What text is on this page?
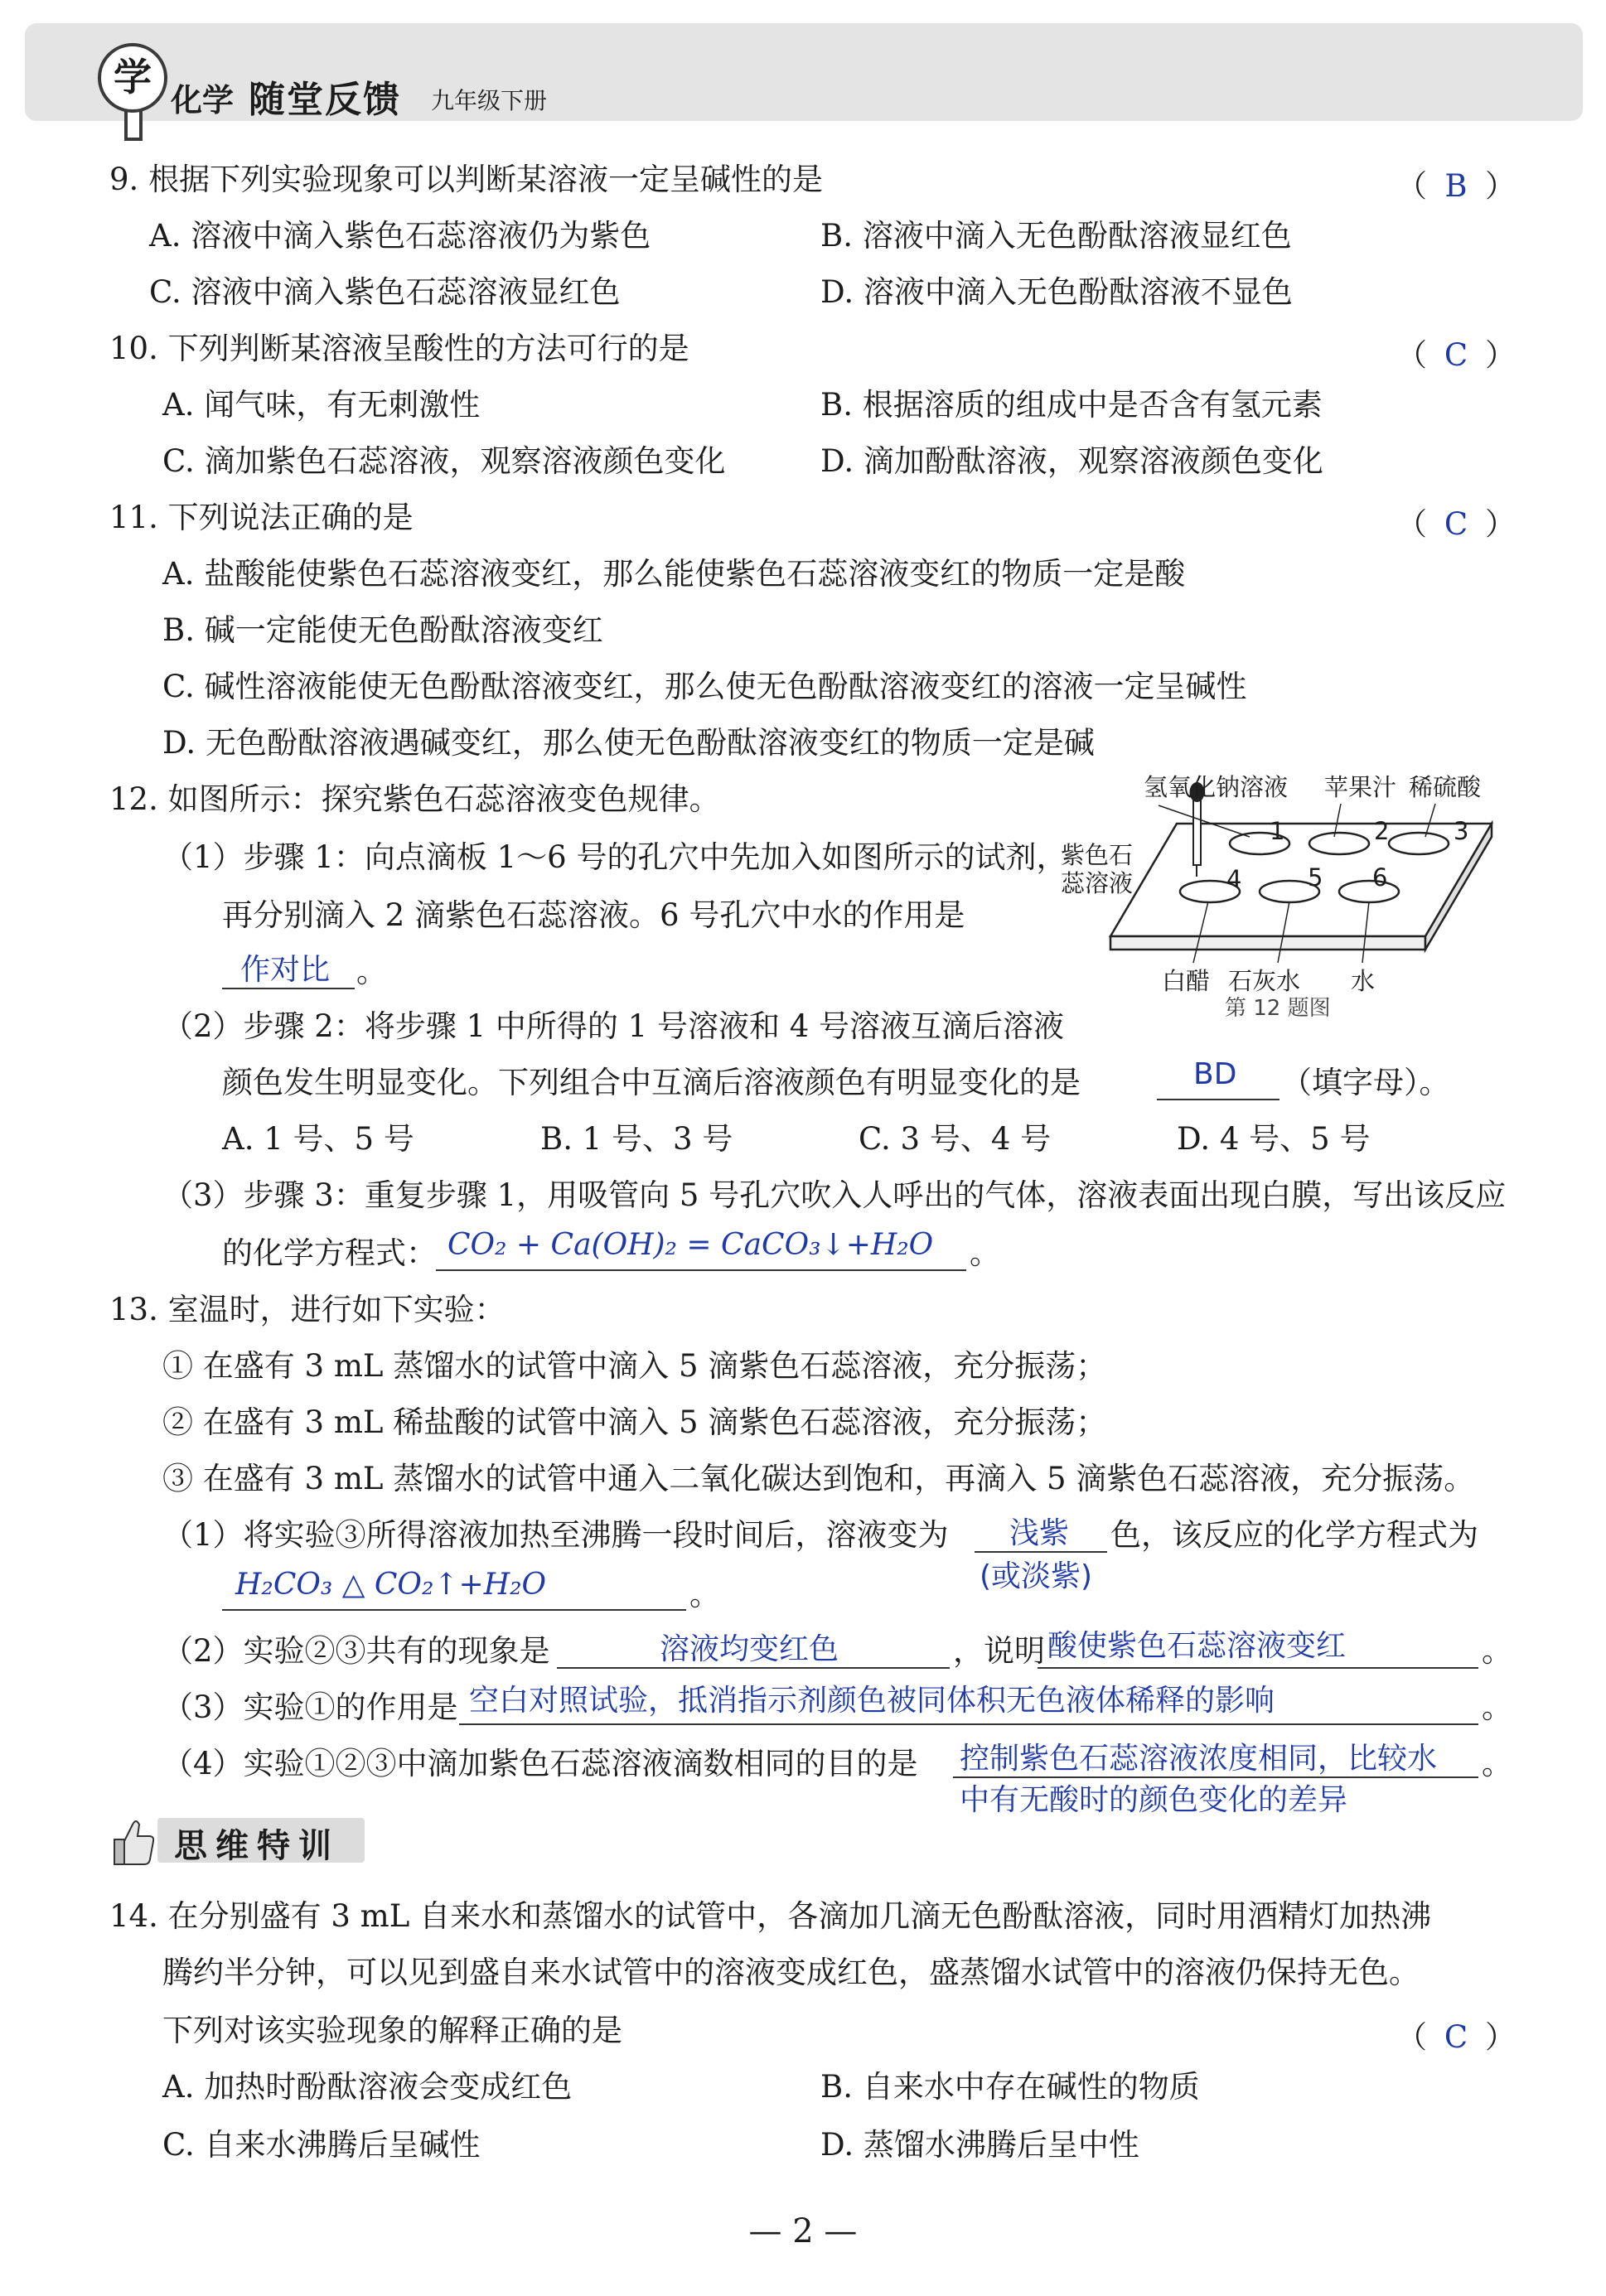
学
化学 随堂反馈 九年级下册
9. 根据下列实验现象可以判断某溶液一定呈碱性的是	（ B ）
A. 溶液中滴入紫色石蕊溶液仍为紫色	B. 溶液中滴入无色酚酞溶液显红色
C. 溶液中滴入紫色石蕊溶液显红色	D. 溶液中滴入无色酚酞溶液不显色
10. 下列判断某溶液呈酸性的方法可行的是	（ C ）
A. 闻气味，有无刺激性	B. 根据溶质的组成中是否含有氢元素
C. 滴加紫色石蕊溶液，观察溶液颜色变化	D. 滴加酚酞溶液，观察溶液颜色变化
11. 下列说法正确的是	（ C ）
A. 盐酸能使紫色石蕊溶液变红，那么能使紫色石蕊溶液变红的物质一定是酸
B. 碱一定能使无色酚酞溶液变红
C. 碱性溶液能使无色酚酞溶液变红，那么使无色酚酞溶液变红的溶液一定呈碱性
D. 无色酚酞溶液遇碱变红，那么使无色酚酞溶液变红的物质一定是碱
12. 如图所示：探究紫色石蕊溶液变色规律。
（1）步骤 1：向点滴板 1～6 号的孔穴中先加入如图所示的试剂，
再分别滴入 2 滴紫色石蕊溶液。6 号孔穴中水的作用是
作对比 。
氢氧化钠溶液 苹果汁 稀硫酸
紫色石
蕊溶液
1	2	3
4	5 6
白醋 石灰水 水
第 12 题图
（2）步骤 2：将步骤 1 中所得的 1 号溶液和 4 号溶液互滴后溶液
颜色发生明显变化。下列组合中互滴后溶液颜色有明显变化的是	BD （填字母）。
A. 1 号、5 号	B. 1 号、3 号	C. 3 号、4 号	D. 4 号、5 号
（3）步骤 3：重复步骤 1，用吸管向 5 号孔穴吹入人呼出的气体，溶液表面出现白膜，写出该反应
的化学方程式： CO₂ + Ca(OH)₂ = CaCO₃↓+H₂O 。
13. 室温时，进行如下实验：
① 在盛有 3 mL 蒸馏水的试管中滴入 5 滴紫色石蕊溶液，充分振荡；
② 在盛有 3 mL 稀盐酸的试管中滴入 5 滴紫色石蕊溶液，充分振荡；
③ 在盛有 3 mL 蒸馏水的试管中通入二氧化碳达到饱和，再滴入 5 滴紫色石蕊溶液，充分振荡。
（1）将实验③所得溶液加热至沸腾一段时间后，溶液变为 浅紫
(或淡紫)
色，该反应的化学方程式为
H₂CO₃ △ CO₂↑+H₂O	。
（2）实验②③共有的现象是	溶液均变红色	，说明 酸使紫色石蕊溶液变红	。
（3）实验①的作用是 空白对照试验，抵消指示剂颜色被同体积无色液体稀释的影响	。
（4）实验①②③中滴加紫色石蕊溶液滴数相同的目的是 控制紫色石蕊溶液浓度相同，比较水
中有无酸时的颜色变化的差异
。
思维特训
14. 在分别盛有 3 mL 自来水和蒸馏水的试管中，各滴加几滴无色酚酞溶液，同时用酒精灯加热沸
腾约半分钟，可以见到盛自来水试管中的溶液变成红色，盛蒸馏水试管中的溶液仍保持无色。
下列对该实验现象的解释正确的是	（ C ）
A. 加热时酚酞溶液会变成红色	B. 自来水中存在碱性的物质
C. 自来水沸腾后呈碱性	D. 蒸馏水沸腾后呈中性
— 2 —
